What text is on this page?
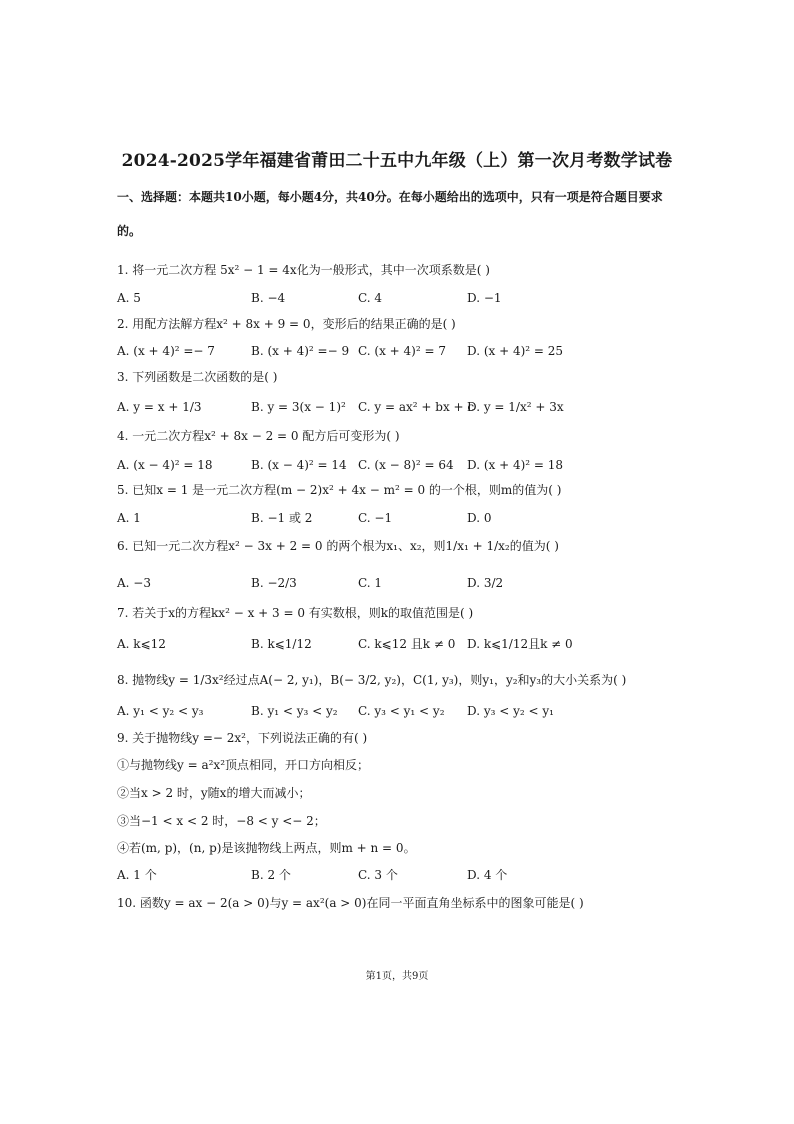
2024-2025学年福建省莆田二十五中九年级（上）第一次月考数学试卷
一、选择题：本题共10小题，每小题4分，共40分。在每小题给出的选项中，只有一项是符合题目要求的。
1. 将一元二次方程 5x² − 1 = 4x化为一般形式，其中一次项系数是( )
A. 5	B. −4	C. 4	D. −1
2. 用配方法解方程x² + 8x + 9 = 0，变形后的结果正确的是( )
A. (x + 4)² =− 7	B. (x + 4)² =− 9 C. (x + 4)² = 7 D. (x + 4)² = 25
3. 下列函数是二次函数的是( )
A. y = x + 1/3	B. y = 3(x − 1)² C. y = ax² + bx + c
D. y = 1/x² + 3x
4. 一元二次方程x² + 8x − 2 = 0 配方后可变形为( )
A. (x − 4)² = 18	B. (x − 4)² = 14 C. (x − 8)² = 64 D. (x + 4)² = 18
5. 已知x = 1 是一元二次方程(m − 2)x² + 4x − m² = 0 的一个根，则m的值为( )
A. 1	B. −1 或 2	C. −1	D. 0
6. 已知一元二次方程x² − 3x + 2 = 0 的两个根为x₁、x₂，则1/x₁ + 1/x₂的值为( )
A. −3	B. −2/3	C. 1	D. 3/2
7. 若关于x的方程kx² − x + 3 = 0 有实数根，则k的取值范围是( )
A. k⩽12	B. k⩽1/12	C. k⩽12 且k ≠ 0 D. k⩽1/12且k ≠ 0
8. 抛物线y = 1/3x²经过点A(− 2, y₁)，B(− 3/2, y₂)，C(1, y₃)，则y₁，y₂和y₃的大小关系为( )
A. y₁ < y₂ < y₃	B. y₁ < y₃ < y₂ C. y₃ < y₁ < y₂ D. y₃ < y₂ < y₁
9. 关于抛物线y =− 2x²，下列说法正确的有( )
①与抛物线y = a²x²顶点相同，开口方向相反；
②当x > 2 时，y随x的增大而减小；
③当−1 < x < 2 时，−8 < y <− 2；
④若(m, p)，(n, p)是该抛物线上两点，则m + n = 0。
A. 1 个	B. 2 个	C. 3 个	D. 4 个
10. 函数y = ax − 2(a > 0)与y = ax²(a > 0)在同一平面直角坐标系中的图象可能是( )
第1页，共9页
